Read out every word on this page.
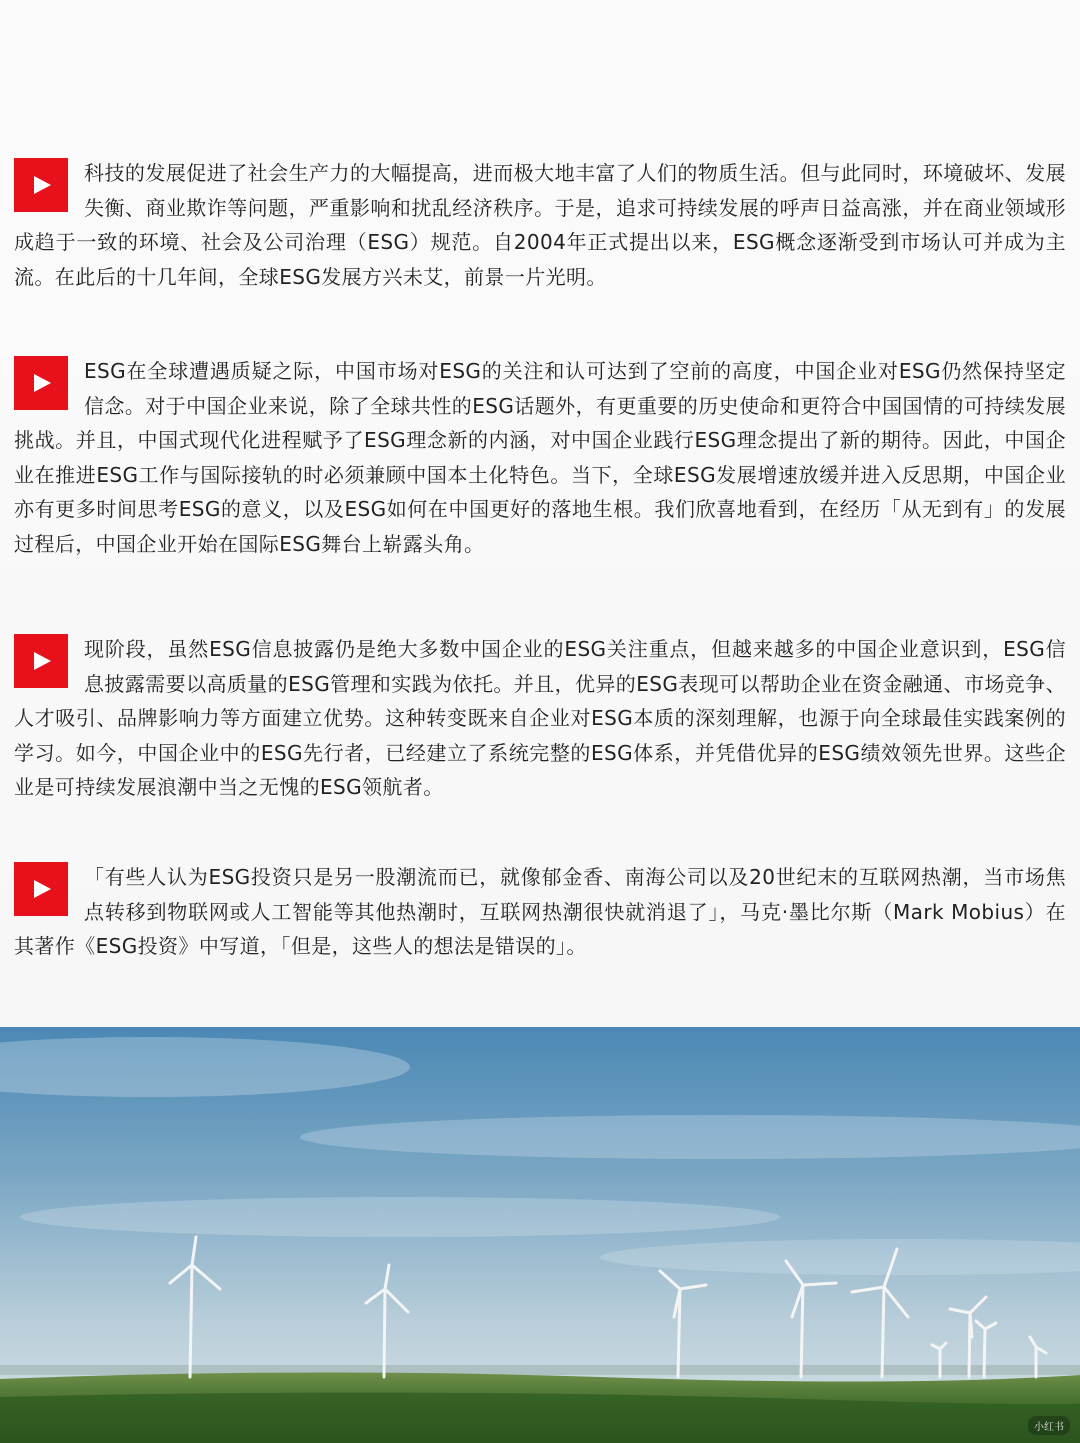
科技的发展促进了社会生产力的大幅提高，进而极大地丰富了人们的物质生活。但与此同时，环境破坏、发展失衡、商业欺诈等问题，严重影响和扰乱经济秩序。于是，追求可持续发展的呼声日益高涨，并在商业领域形成趋于一致的环境、社会及公司治理（ESG）规范。自2004年正式提出以来，ESG概念逐渐受到市场认可并成为主流。在此后的十几年间，全球ESG发展方兴未艾，前景一片光明。

ESG在全球遭遇质疑之际，中国市场对ESG的关注和认可达到了空前的高度，中国企业对ESG仍然保持坚定信念。对于中国企业来说，除了全球共性的ESG话题外，有更重要的历史使命和更符合中国国情的可持续发展挑战。并且，中国式现代化进程赋予了ESG理念新的内涵，对中国企业践行ESG理念提出了新的期待。因此，中国企业在推进ESG工作与国际接轨的时必须兼顾中国本土化特色。当下，全球ESG发展增速放缓并进入反思期，中国企业亦有更多时间思考ESG的意义，以及ESG如何在中国更好的落地生根。我们欣喜地看到，在经历「从无到有」的发展过程后，中国企业开始在国际ESG舞台上崭露头角。

现阶段，虽然ESG信息披露仍是绝大多数中国企业的ESG关注重点，但越来越多的中国企业意识到，ESG信息披露需要以高质量的ESG管理和实践为依托。并且，优异的ESG表现可以帮助企业在资金融通、市场竞争、人才吸引、品牌影响力等方面建立优势。这种转变既来自企业对ESG本质的深刻理解，也源于向全球最佳实践案例的学习。如今，中国企业中的ESG先行者，已经建立了系统完整的ESG体系，并凭借优异的ESG绩效领先世界。这些企业是可持续发展浪潮中当之无愧的ESG领航者。

「有些人认为ESG投资只是另一股潮流而已，就像郁金香、南海公司以及20世纪末的互联网热潮，当市场焦点转移到物联网或人工智能等其他热潮时，互联网热潮很快就消退了」，马克·墨比尔斯（Mark Mobius）在其著作《ESG投资》中写道，「但是，这些人的想法是错误的」。

小红书
